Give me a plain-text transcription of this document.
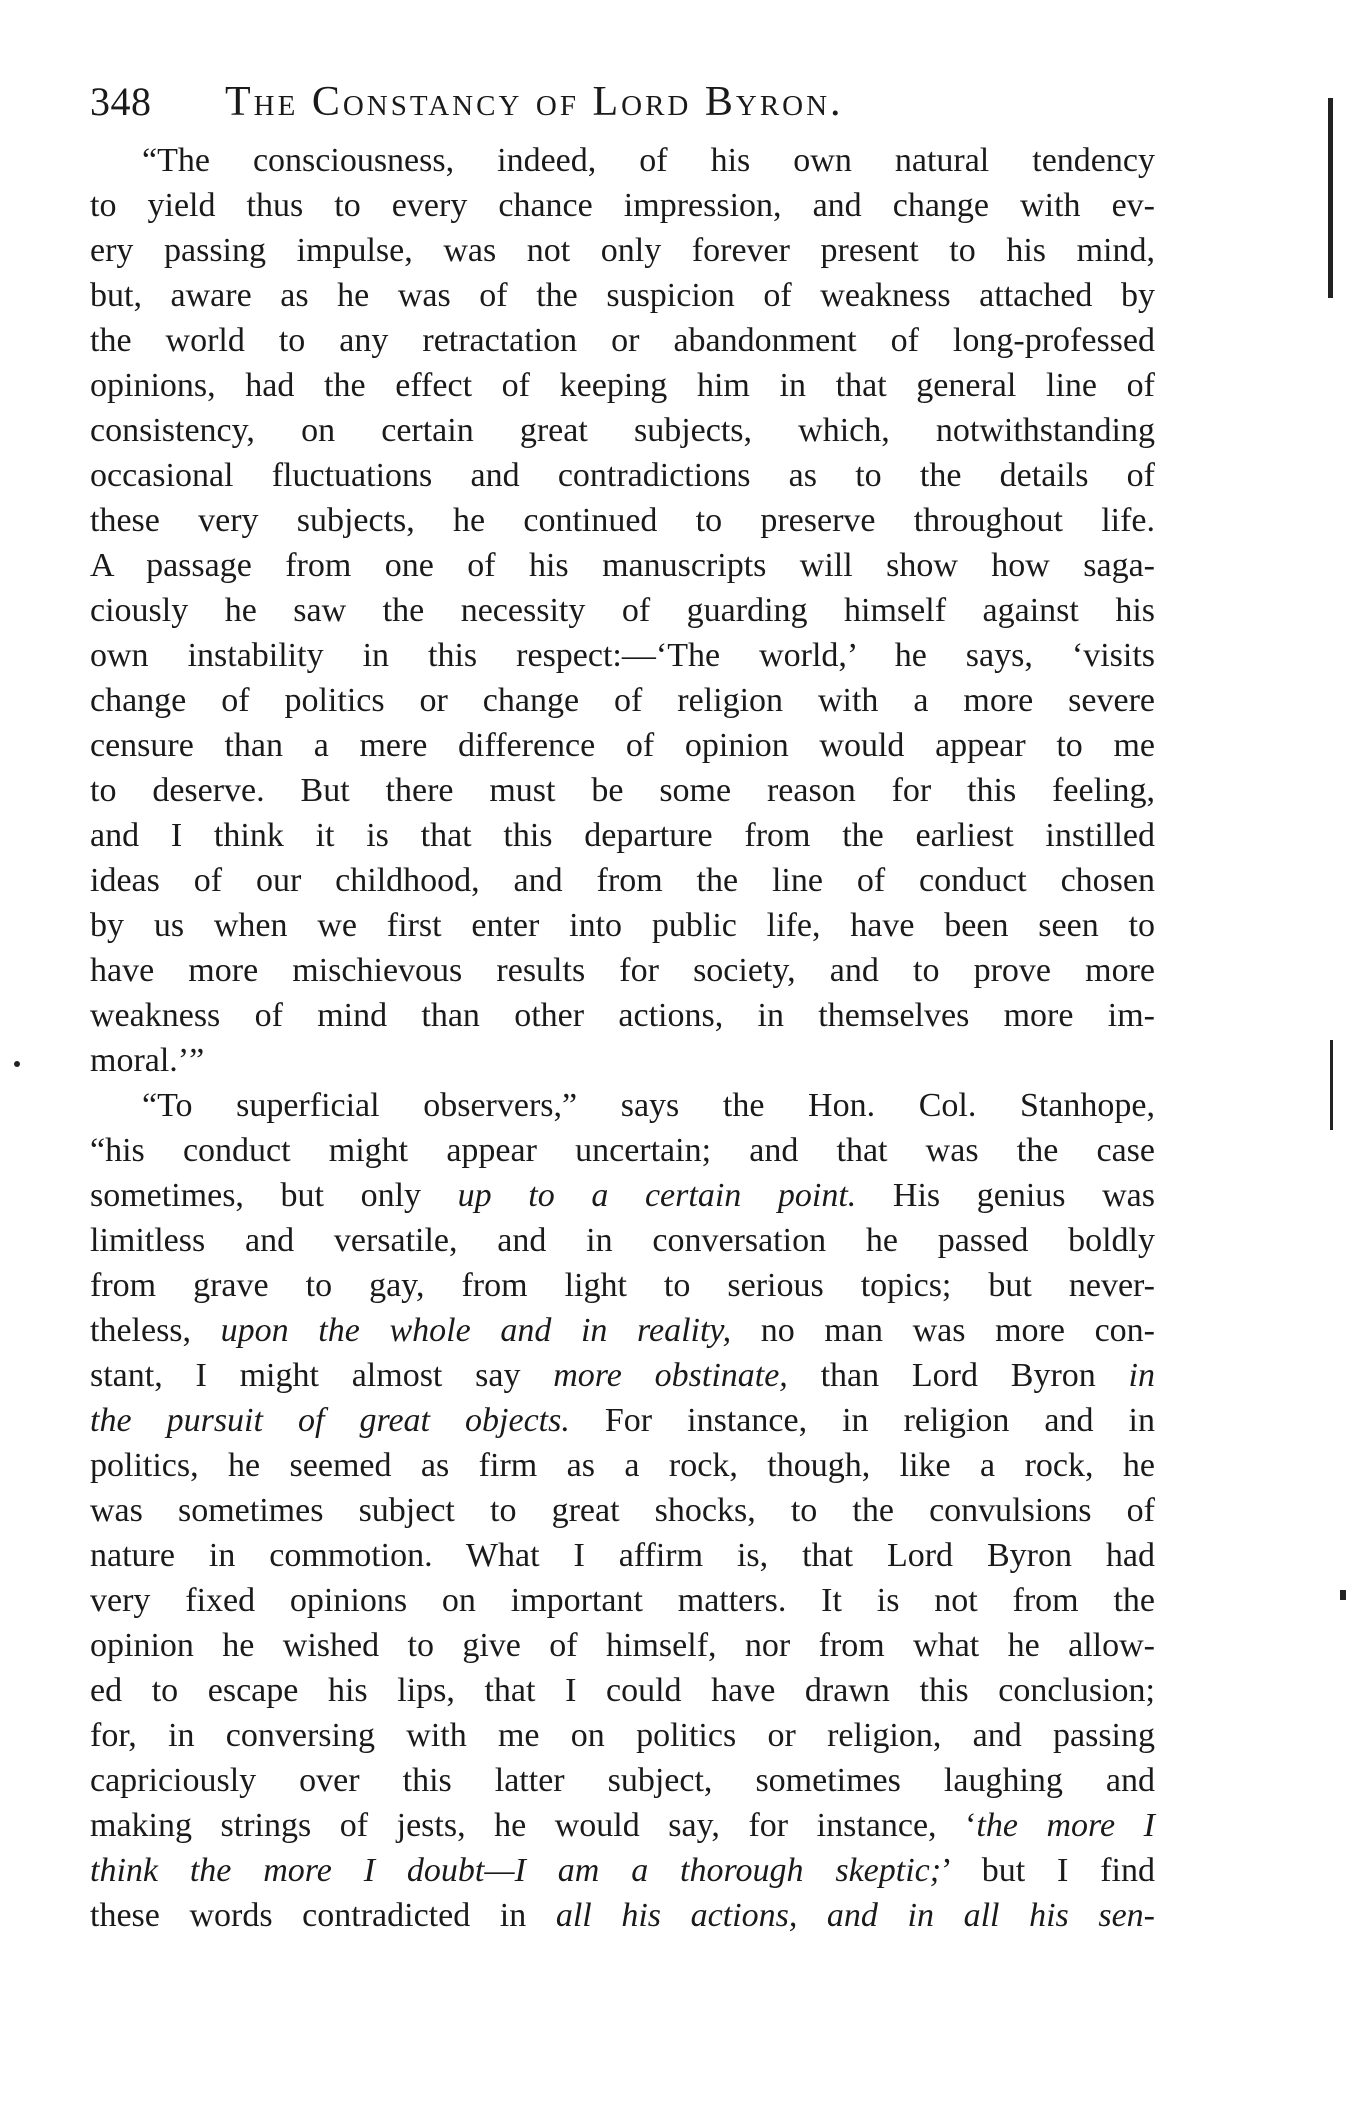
348	The Constancy of Lord Byron.
“The consciousness, indeed, of his own natural tendency
to yield thus to every chance impression, and change with ev-
ery passing impulse, was not only forever present to his mind,
but, aware as he was of the suspicion of weakness attached by
the world to any retractation or abandonment of long-professed
opinions, had the effect of keeping him in that general line of
consistency, on certain great subjects, which, notwithstanding
occasional fluctuations and contradictions as to the details of
these very subjects, he continued to preserve throughout life.
A passage from one of his manuscripts will show how saga-
ciously he saw the necessity of guarding himself against his
own instability in this respect:—‘The world,’ he says, ‘visits
change of politics or change of religion with a more severe
censure than a mere difference of opinion would appear to me
to deserve. But there must be some reason for this feeling,
and I think it is that this departure from the earliest instilled
ideas of our childhood, and from the line of conduct chosen
by us when we first enter into public life, have been seen to
have more mischievous results for society, and to prove more
weakness of mind than other actions, in themselves more im-
moral.’”
“To superficial observers,” says the Hon. Col. Stanhope,
“his conduct might appear uncertain; and that was the case
sometimes, but only up to a certain point. His genius was
limitless and versatile, and in conversation he passed boldly
from grave to gay, from light to serious topics; but never-
theless, upon the whole and in reality, no man was more con-
stant, I might almost say more obstinate, than Lord Byron in
the pursuit of great objects. For instance, in religion and in
politics, he seemed as firm as a rock, though, like a rock, he
was sometimes subject to great shocks, to the convulsions of
nature in commotion. What I affirm is, that Lord Byron had
very fixed opinions on important matters. It is not from the
opinion he wished to give of himself, nor from what he allow-
ed to escape his lips, that I could have drawn this conclusion;
for, in conversing with me on politics or religion, and passing
capriciously over this latter subject, sometimes laughing and
making strings of jests, he would say, for instance, ‘the more I
think the more I doubt—I am a thorough skeptic;’ but I find
these words contradicted in all his actions, and in all his sen-
